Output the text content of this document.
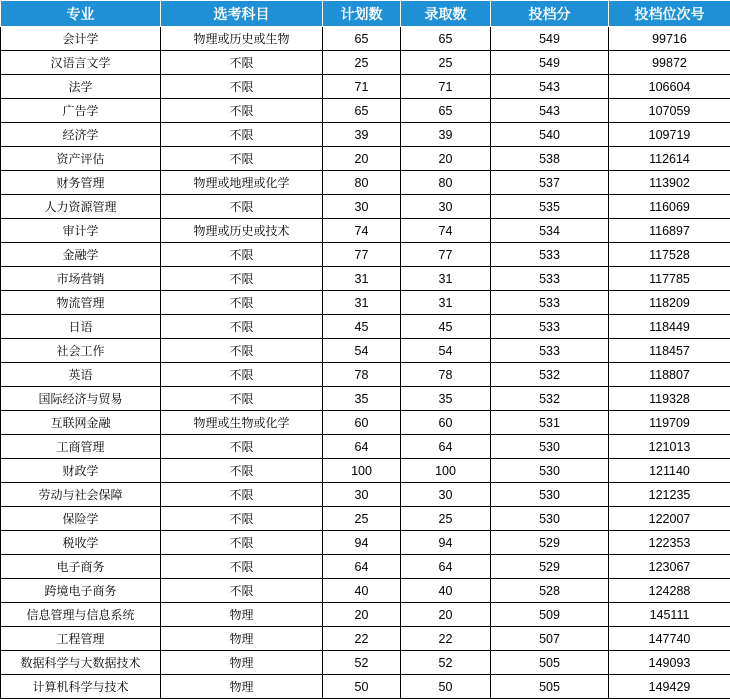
专业	选考科目	计划数	录取数	投档分	投档位次号
会计学	物理或历史或生物	65	65	549	99716
汉语言文学	不限	25	25	549	99872
法学	不限	71	71	543	106604
广告学	不限	65	65	543	107059
经济学	不限	39	39	540	109719
资产评估	不限	20	20	538	112614
财务管理	物理或地理或化学	80	80	537	113902
人力资源管理	不限	30	30	535	116069
审计学	物理或历史或技术	74	74	534	116897
金融学	不限	77	77	533	117528
市场营销	不限	31	31	533	117785
物流管理	不限	31	31	533	118209
日语	不限	45	45	533	118449
社会工作	不限	54	54	533	118457
英语	不限	78	78	532	118807
国际经济与贸易	不限	35	35	532	119328
互联网金融	物理或生物或化学	60	60	531	119709
工商管理	不限	64	64	530	121013
财政学	不限	100	100	530	121140
劳动与社会保障	不限	30	30	530	121235
保险学	不限	25	25	530	122007
税收学	不限	94	94	529	122353
电子商务	不限	64	64	529	123067
跨境电子商务	不限	40	40	528	124288
信息管理与信息系统	物理	20	20	509	145111
工程管理	物理	22	22	507	147740
数据科学与大数据技术	物理	52	52	505	149093
计算机科学与技术	物理	50	50	505	149429
